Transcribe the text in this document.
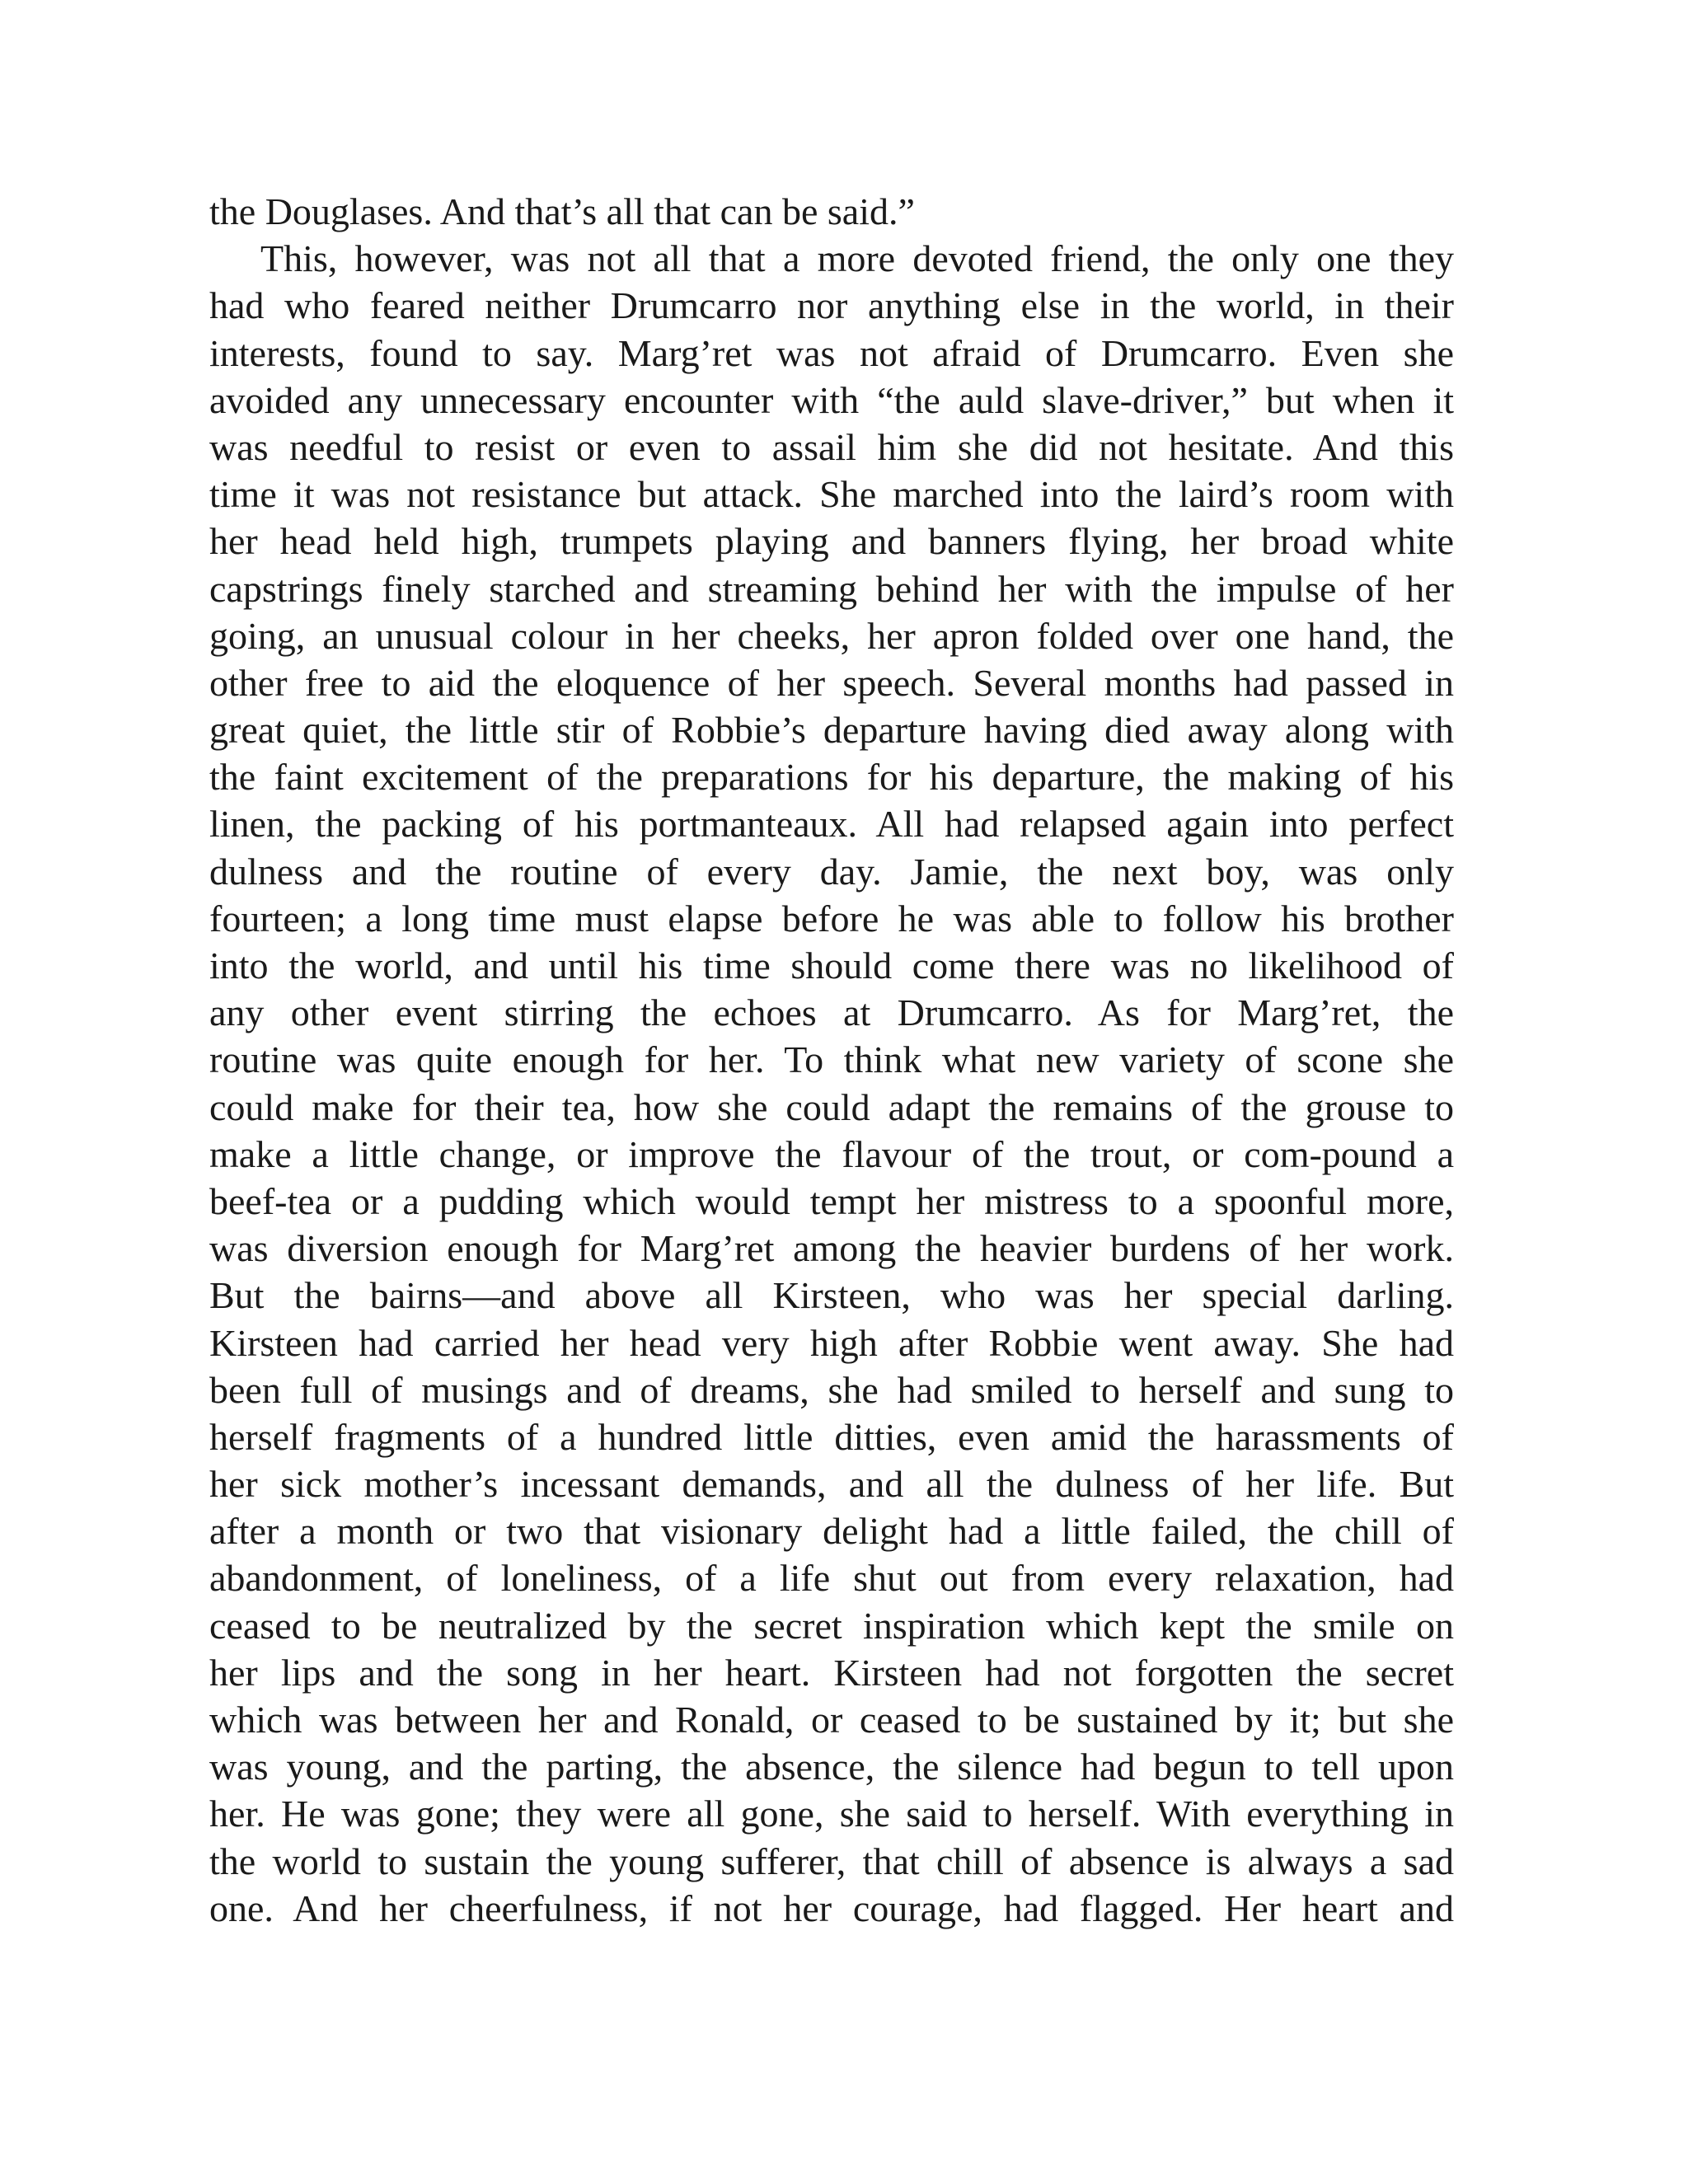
the Douglases. And that’s all that can be said.”
This, however, was not all that a more devoted friend, the only one they
had who feared neither Drumcarro nor anything else in the world, in their
interests, found to say. Marg’ret was not afraid of Drumcarro. Even she
avoided any unnecessary encounter with “the auld slave-driver,” but when it
was needful to resist or even to assail him she did not hesitate. And this
time it was not resistance but attack. She marched into the laird’s room with
her head held high, trumpets playing and banners flying, her broad white
capstrings finely starched and streaming behind her with the impulse of her
going, an unusual colour in her cheeks, her apron folded over one hand, the
other free to aid the eloquence of her speech. Several months had passed in
great quiet, the little stir of Robbie’s departure having died away along with
the faint excitement of the preparations for his departure, the making of his
linen, the packing of his portmanteaux. All had relapsed again into perfect
dulness and the routine of every day. Jamie, the next boy, was only
fourteen; a long time must elapse before he was able to follow his brother
into the world, and until his time should come there was no likelihood of
any other event stirring the echoes at Drumcarro. As for Marg’ret, the
routine was quite enough for her. To think what new variety of scone she
could make for their tea, how she could adapt the remains of the grouse to
make a little change, or improve the flavour of the trout, or com-pound a
beef-tea or a pudding which would tempt her mistress to a spoonful more,
was diversion enough for Marg’ret among the heavier burdens of her work.
But the bairns—and above all Kirsteen, who was her special darling.
Kirsteen had carried her head very high after Robbie went away. She had
been full of musings and of dreams, she had smiled to herself and sung to
herself fragments of a hundred little ditties, even amid the harassments of
her sick mother’s incessant demands, and all the dulness of her life. But
after a month or two that visionary delight had a little failed, the chill of
abandonment, of loneliness, of a life shut out from every relaxation, had
ceased to be neutralized by the secret inspiration which kept the smile on
her lips and the song in her heart. Kirsteen had not forgotten the secret
which was between her and Ronald, or ceased to be sustained by it; but she
was young, and the parting, the absence, the silence had begun to tell upon
her. He was gone; they were all gone, she said to herself. With everything in
the world to sustain the young sufferer, that chill of absence is always a sad
one. And her cheerfulness, if not her courage, had flagged. Her heart and
